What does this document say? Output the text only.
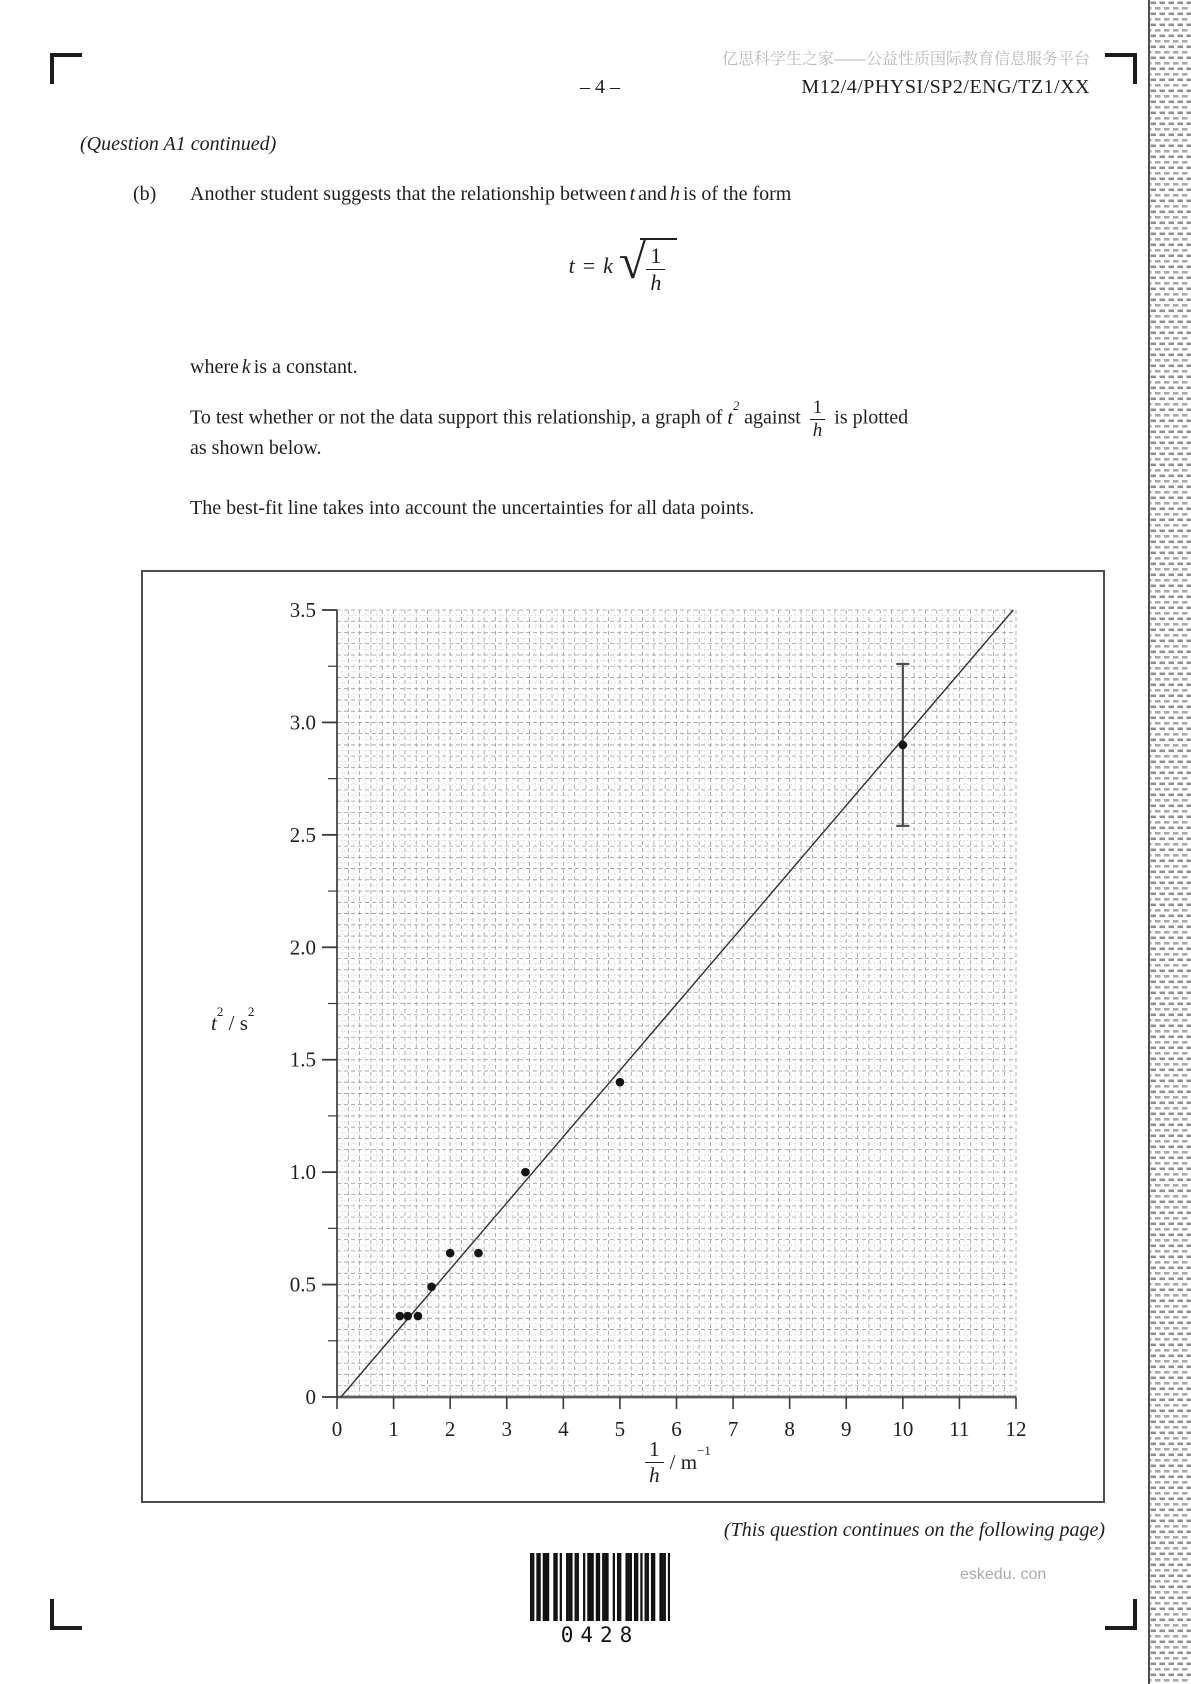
亿思科学生之家——公益性质国际教育信息服务平台
– 4 –	M12/4/PHYSI/SP2/ENG/TZ1/XX
(Question A1 continued)
(b) Another student suggests that the relationship between t and h is of the form
t = k √ $\frac{1}{h}$
where k is a constant.
To test whether or not the data support this relationship, a graph of $t^2$ against $\frac{1}{h}$ is plotted
as shown below.
The best-fit line takes into account the uncertainties for all data points.
0 1 2 3 4 5 6 7 8 9 10 11 12
0
0.5
1.0
1.5
2.0
2.5
3.0
3.5
$t^2 / s^2$
$\frac{1}{h} / m^{-1}$
(This question continues on the following page)
0428
eskedu. con
